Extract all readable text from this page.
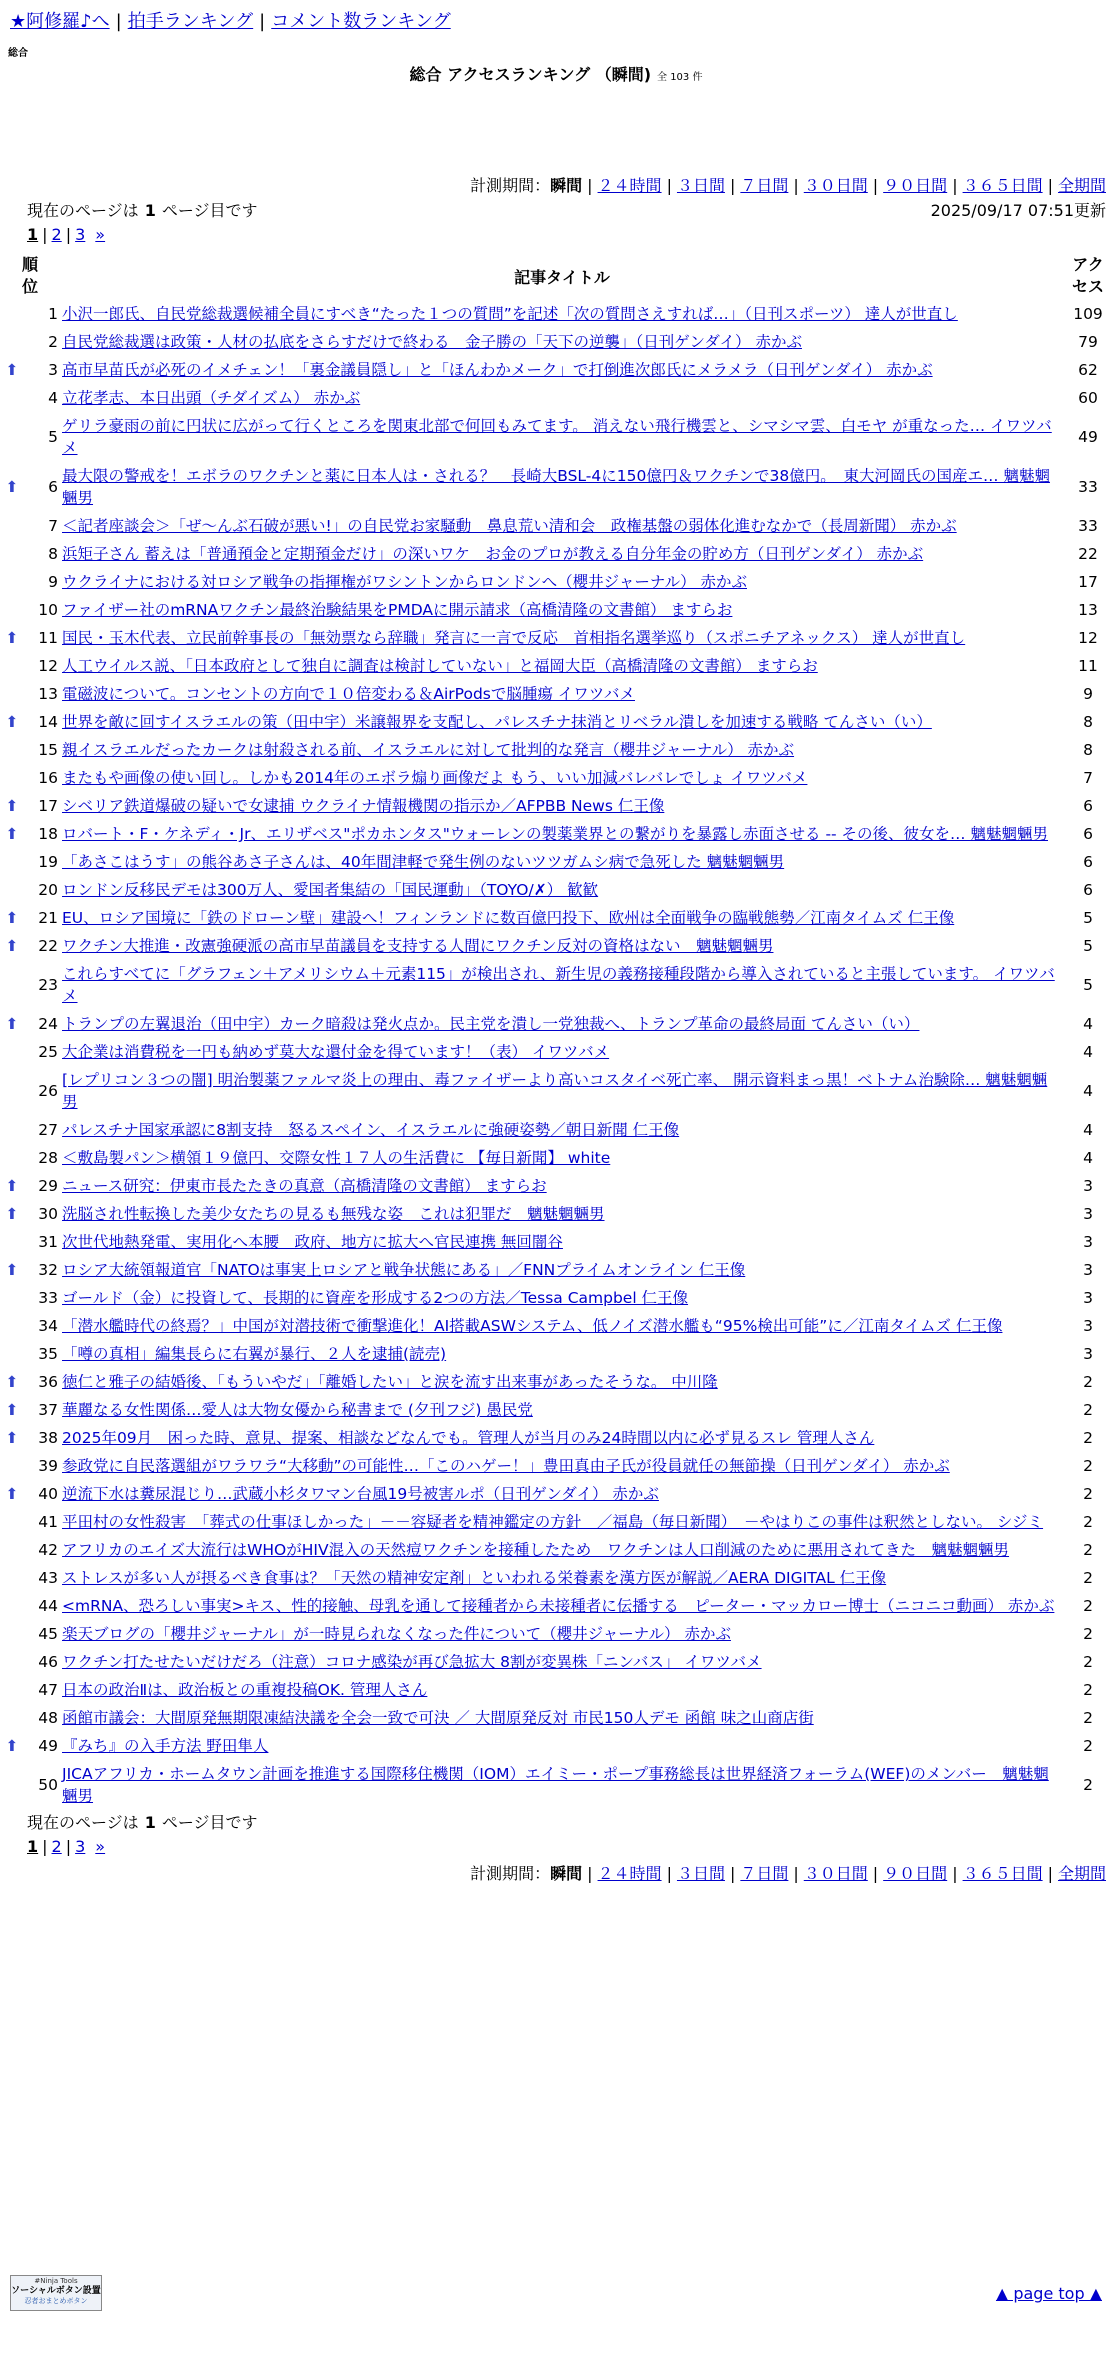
★阿修羅♪へ | 拍手ランキング | コメント数ランキング
総合
総合 アクセスランキング （瞬間) 全 103 件
計測期間：瞬間 | ２４時間 | ３日間 | ７日間 | ３０日間 | ９０日間 | ３６５日間 | 全期間
現在のページは 1 ページ目です	2025/09/17 07:51更新
1 | 2 | 3 »
順
位		記事タイトル	アク
セス
	1	小沢一郎氏、自民党総裁選候補全員にすべき“たった１つの質問”を記述「次の質問さえすれば…」（日刊スポーツ） 達人が世直し	109
	2	自民党総裁選は政策・人材の払底をさらすだけで終わる　金子勝の「天下の逆襲」（日刊ゲンダイ） 赤かぶ	79
⬆	3	高市早苗氏が必死のイメチェン！「裏金議員隠し」と「ほんわかメーク」で打倒進次郎氏にメラメラ（日刊ゲンダイ） 赤かぶ	62
	4	立花孝志、本日出頭（チダイズム） 赤かぶ	60
	5	ゲリラ豪雨の前に円状に広がって行くところを関東北部で何回もみてます。 消えない飛行機雲と、シマシマ雲、白モヤ が重なった… イワツバメ	49
⬆	6	最大限の警戒を！エボラのワクチンと薬に日本人は・される？　長崎大BSL-4に150億円＆ワクチンで38億円。　東大河岡氏の国産エ… 魑魅魍魎男	33
	7	＜記者座談会＞「ぜ〜んぶ石破が悪い!」の自民党お家騒動　鼻息荒い清和会　政権基盤の弱体化進むなかで（長周新聞） 赤かぶ	33
	8	浜矩子さん 蓄えは「普通預金と定期預金だけ」の深いワケ　お金のプロが教える自分年金の貯め方（日刊ゲンダイ） 赤かぶ	22
	9	ウクライナにおける対ロシア戦争の指揮権がワシントンからロンドンへ（櫻井ジャーナル） 赤かぶ	17
	10	ファイザー社のmRNAワクチン最終治験結果をPMDAに開示請求（高橋清隆の文書館） ますらお	13
⬆	11	国民・玉木代表、立民前幹事長の「無効票なら辞職」発言に一言で反応　首相指名選挙巡り（スポニチアネックス） 達人が世直し	12
	12	人工ウイルス説、「日本政府として独自に調査は検討していない」と福岡大臣（高橋清隆の文書館） ますらお	11
	13	電磁波について。コンセントの方向で１０倍変わる＆AirPodsで脳腫瘍 イワツバメ	9
⬆	14	世界を敵に回すイスラエルの策（田中宇）米譲報界を支配し、パレスチナ抹消とリベラル潰しを加速する戦略 てんさい（い）	8
	15	親イスラエルだったカークは射殺される前、イスラエルに対して批判的な発言（櫻井ジャーナル） 赤かぶ	8
	16	またもや画像の使い回し。しかも2014年のエボラ煽り画像だよ もう、いい加減バレバレでしょ イワツバメ	7
⬆	17	シベリア鉄道爆破の疑いで女逮捕 ウクライナ情報機関の指示か／AFPBB News 仁王像	6
⬆	18	ロバート・F・ケネディ・Jr、エリザベス"ポカホンタス"ウォーレンの製薬業界との繋がりを暴露し赤面させる -- その後、彼女を… 魑魅魍魎男	6
	19	「あさこはうす」の熊谷あさ子さんは、40年間津軽で発生例のないツツガムシ病で急死した 魑魅魍魎男	6
	20	ロンドン反移民デモは300万人、愛国者集結の「国民運動」（TOYO/✗） 歓歓	6
⬆	21	EU、ロシア国境に「鉄のドローン壁」建設へ！フィンランドに数百億円投下、欧州は全面戦争の臨戦態勢／江南タイムズ 仁王像	5
⬆	22	ワクチン大推進・改憲強硬派の高市早苗議員を支持する人間にワクチン反対の資格はない　魑魅魍魎男	5
	23	これらすべてに「グラフェン＋アメリシウム＋元素115」が検出され、新生児の義務接種段階から導入されていると主張しています。 イワツバメ	5
⬆	24	トランプの左翼退治（田中宇）カーク暗殺は発火点か。民主党を潰し一党独裁へ、トランプ革命の最終局面 てんさい（い）	4
	25	大企業は消費税を一円も納めず莫大な還付金を得ています！（表） イワツバメ	4
	26	[レプリコン３つの闇] 明治製薬ファルマ炎上の理由、毒ファイザーより高いコスタイベ死亡率、 開示資料まっ黒！ベトナム治験除… 魑魅魍魎男	4
	27	パレスチナ国家承認に8割支持　怒るスペイン、イスラエルに強硬姿勢／朝日新聞 仁王像	4
	28	＜敷島製パン＞横領１９億円、交際女性１７人の生活費に 【毎日新聞】 white	4
⬆	29	ニュース研究：伊東市長たたきの真意（高橋清隆の文書館） ますらお	3
⬆	30	洗脳され性転換した美少女たちの見るも無残な姿　これは犯罪だ　魑魅魍魎男	3
	31	次世代地熱発電、実用化へ本腰　政府、地方に拡大へ官民連携 無回闇谷	3
⬆	32	ロシア大統領報道官「NATOは事実上ロシアと戦争状態にある」／FNNプライムオンライン 仁王像	3
	33	ゴールド（金）に投資して、長期的に資産を形成する2つの方法／Tessa Campbel 仁王像	3
	34	「潜水艦時代の終焉？」中国が対潜技術で衝撃進化！AI搭載ASWシステム、低ノイズ潜水艦も“95%検出可能”に／江南タイムズ 仁王像	3
	35	「噂の真相」編集長らに右翼が暴行、２人を逮捕(読売)	3
⬆	36	徳仁と雅子の結婚後、「もういやだ」「離婚したい」と涙を流す出来事があったそうな。 中川隆	2
⬆	37	華麗なる女性関係…愛人は大物女優から秘書まで (夕刊フジ) 愚民党	2
⬆	38	2025年09月　困った時、意見、提案、相談などなんでも。管理人が当月のみ24時間以内に必ず見るスレ 管理人さん	2
	39	参政党に自民落選組がワラワラ“大移動”の可能性…「このハゲー！」豊田真由子氏が役員就任の無節操（日刊ゲンダイ） 赤かぶ	2
⬆	40	逆流下水は糞尿混じり…武蔵小杉タワマン台風19号被害ルポ（日刊ゲンダイ） 赤かぶ	2
	41	平田村の女性殺害　「葬式の仕事ほしかった」－－容疑者を精神鑑定の方針　／福島（毎日新聞）　－やはりこの事件は釈然としない。 シジミ	2
	42	アフリカのエイズ大流行はWHOがHIV混入の天然痘ワクチンを接種したため　ワクチンは人口削減のために悪用されてきた　魑魅魍魎男	2
	43	ストレスが多い人が摂るべき食事は？「天然の精神安定剤」といわれる栄養素を漢方医が解説／AERA DIGITAL 仁王像	2
	44	<mRNA、恐ろしい事実>キス、性的接触、母乳を通して接種者から未接種者に伝播する　ピーター・マッカロー博士（ニコニコ動画） 赤かぶ	2
	45	楽天ブログの「櫻井ジャーナル」が一時見られなくなった件について（櫻井ジャーナル） 赤かぶ	2
	46	ワクチン打たせたいだけだろ（注意）コロナ感染が再び急拡大 8割が変異株「ニンバス」 イワツバメ	2
	47	日本の政治Ⅱは、政治板との重複投稿OK. 管理人さん	2
	48	函館市議会：大間原発無期限凍結決議を全会一致で可決 ／ 大間原発反対 市民150人デモ 函館 味之山商店街	2
⬆	49	『みち』の入手方法 野田隼人	2
	50	JICAアフリカ・ホームタウン計画を推進する国際移住機関（IOM）エイミー・ポープ事務総長は世界経済フォーラム(WEF)のメンバー　魑魅魍魎男	2
現在のページは 1 ページ目です
1 | 2 | 3 »
計測期間：瞬間 | ２４時間 | ３日間 | ７日間 | ３０日間 | ９０日間 | ３６５日間 | 全期間
#Ninja Tools
ソーシャルボタン設置
忍者おまとめボタン	▲ page top ▲
